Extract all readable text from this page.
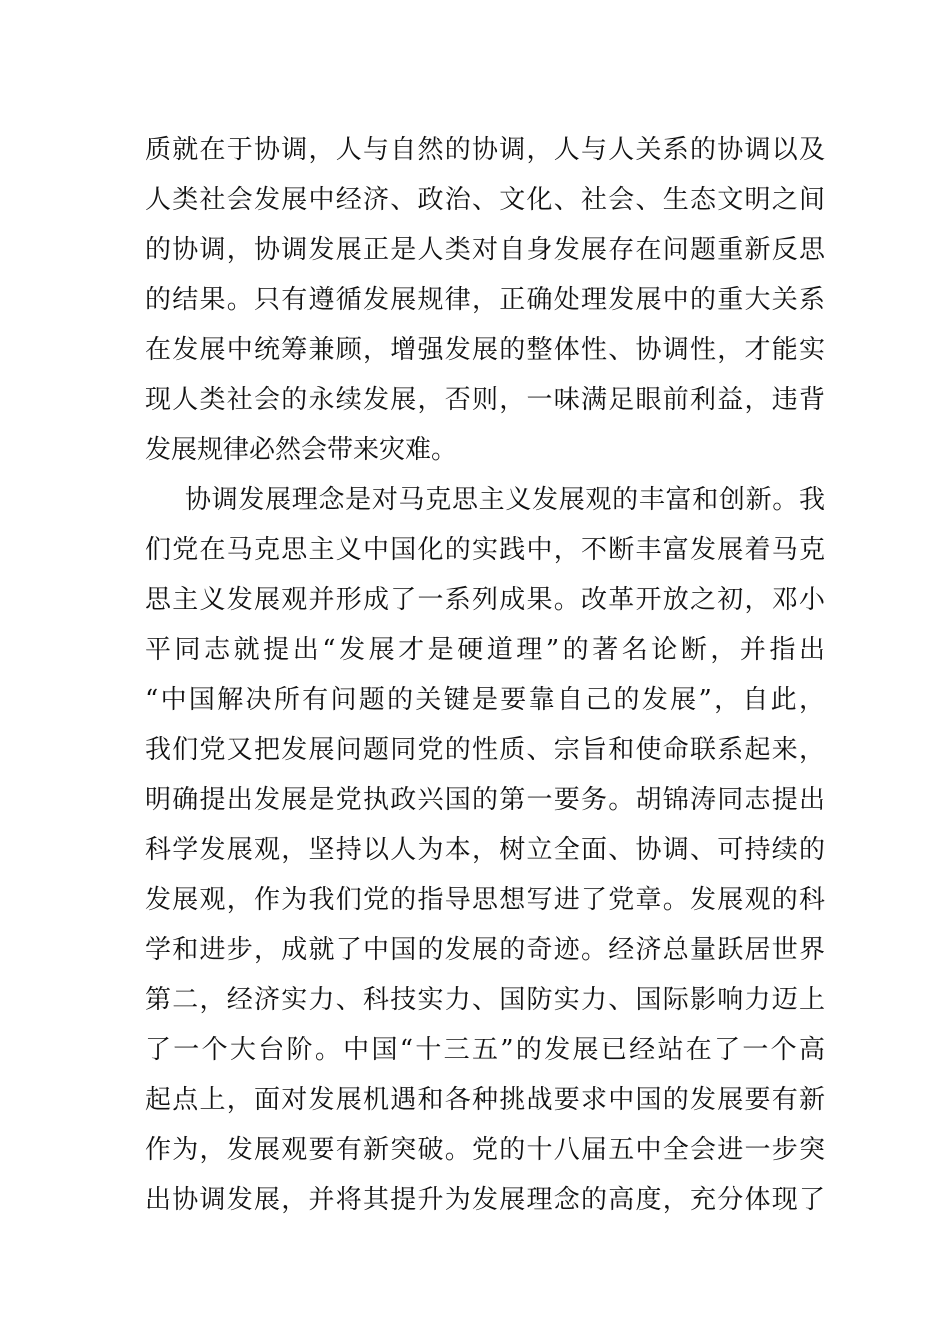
质就在于协调，人与自然的协调，人与人关系的协调以及
人类社会发展中经济、政治、文化、社会、生态文明之间
的协调，协调发展正是人类对自身发展存在问题重新反思
的结果。只有遵循发展规律，正确处理发展中的重大关系
在发展中统筹兼顾，增强发展的整体性、协调性，才能实
现人类社会的永续发展，否则，一味满足眼前利益，违背
发展规律必然会带来灾难。
协调发展理念是对马克思主义发展观的丰富和创新。我
们党在马克思主义中国化的实践中，不断丰富发展着马克
思主义发展观并形成了一系列成果。改革开放之初，邓小
平同志就提出“发展才是硬道理”的著名论断，并指出
“中国解决所有问题的关键是要靠自己的发展”，自此，
我们党又把发展问题同党的性质、宗旨和使命联系起来，
明确提出发展是党执政兴国的第一要务。胡锦涛同志提出
科学发展观，坚持以人为本，树立全面、协调、可持续的
发展观，作为我们党的指导思想写进了党章。发展观的科
学和进步，成就了中国的发展的奇迹。经济总量跃居世界
第二，经济实力、科技实力、国防实力、国际影响力迈上
了一个大台阶。中国“十三五”的发展已经站在了一个高
起点上，面对发展机遇和各种挑战要求中国的发展要有新
作为，发展观要有新突破。党的十八届五中全会进一步突
出协调发展，并将其提升为发展理念的高度，充分体现了
